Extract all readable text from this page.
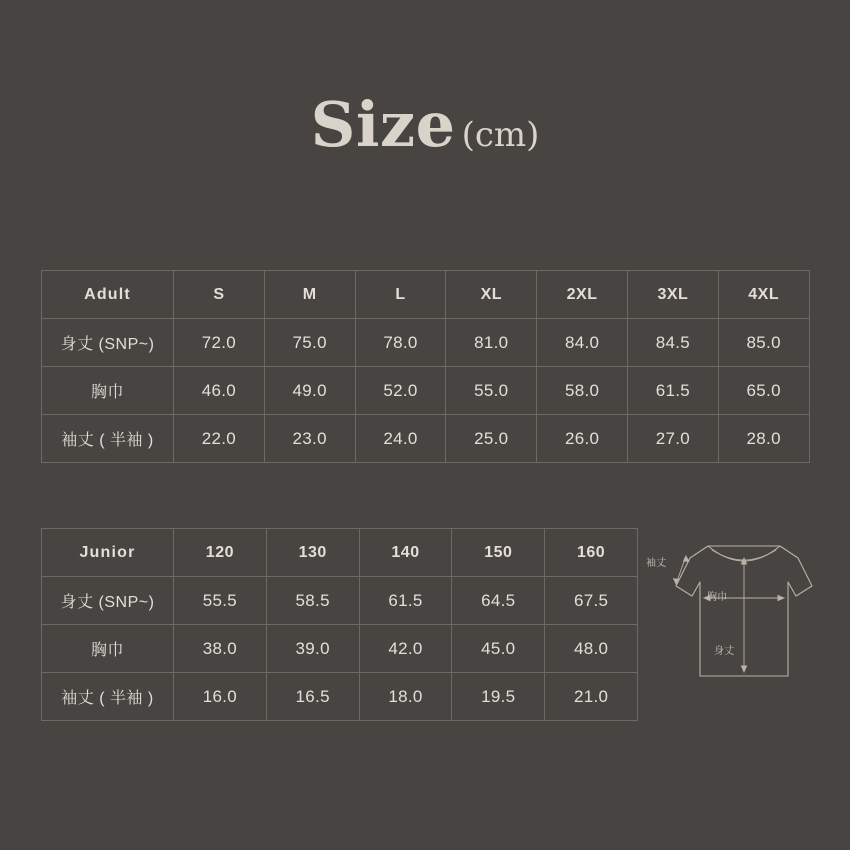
Size (cm)
Adult	S	M	L	XL	2XL	3XL	4XL
身丈 (SNP~)	72.0	75.0	78.0	81.0	84.0	84.5	85.0
胸巾	46.0	49.0	52.0	55.0	58.0	61.5	65.0
袖丈 ( 半袖 )	22.0	23.0	24.0	25.0	26.0	27.0	28.0
Junior	120	130	140	150	160
身丈 (SNP~)	55.5	58.5	61.5	64.5	67.5
胸巾	38.0	39.0	42.0	45.0	48.0
袖丈 ( 半袖 )	16.0	16.5	18.0	19.5	21.0
袖丈
胸巾
身丈
